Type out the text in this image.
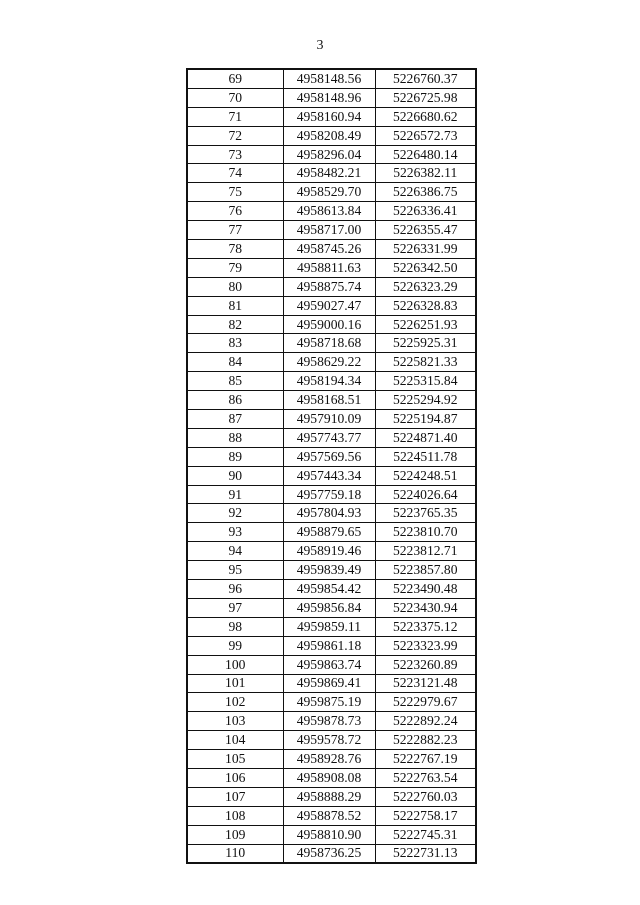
3
69	4958148.56	5226760.37
70	4958148.96	5226725.98
71	4958160.94	5226680.62
72	4958208.49	5226572.73
73	4958296.04	5226480.14
74	4958482.21	5226382.11
75	4958529.70	5226386.75
76	4958613.84	5226336.41
77	4958717.00	5226355.47
78	4958745.26	5226331.99
79	4958811.63	5226342.50
80	4958875.74	5226323.29
81	4959027.47	5226328.83
82	4959000.16	5226251.93
83	4958718.68	5225925.31
84	4958629.22	5225821.33
85	4958194.34	5225315.84
86	4958168.51	5225294.92
87	4957910.09	5225194.87
88	4957743.77	5224871.40
89	4957569.56	5224511.78
90	4957443.34	5224248.51
91	4957759.18	5224026.64
92	4957804.93	5223765.35
93	4958879.65	5223810.70
94	4958919.46	5223812.71
95	4959839.49	5223857.80
96	4959854.42	5223490.48
97	4959856.84	5223430.94
98	4959859.11	5223375.12
99	4959861.18	5223323.99
100	4959863.74	5223260.89
101	4959869.41	5223121.48
102	4959875.19	5222979.67
103	4959878.73	5222892.24
104	4959578.72	5222882.23
105	4958928.76	5222767.19
106	4958908.08	5222763.54
107	4958888.29	5222760.03
108	4958878.52	5222758.17
109	4958810.90	5222745.31
110	4958736.25	5222731.13
